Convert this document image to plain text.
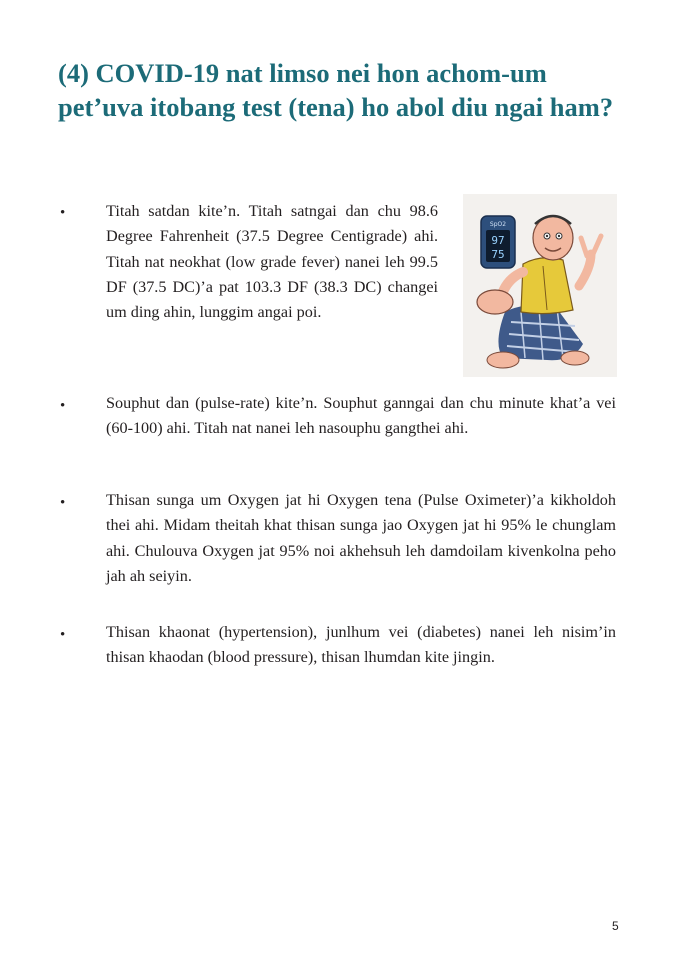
(4) COVID-19 nat limso nei hon achom-um pet’uva itobang test (tena) ho abol diu ngai ham?
•	Titah satdan kite’n. Titah satngai dan chu 98.6 Degree Fahrenheit (37.5 Degree Centigrade) ahi. Titah nat neokhat (low grade fever) nanei leh 99.5 DF (37.5 DC)’a pat 103.3 DF (38.3 DC) changei um ding ahin, lunggim angai poi.

SpO2
97
75
•	Souphut dan (pulse-rate) kite’n. Souphut ganngai dan chu minute khat’a vei (60-100) ahi. Titah nat nanei leh nasouphu gangthei ahi.

•	Thisan sunga um Oxygen jat hi Oxygen tena (Pulse Oximeter)’a kikholdoh thei ahi. Midam theitah khat thisan sunga jao Oxygen jat hi 95% le chunglam ahi. Chulouva Oxygen jat 95% noi akhehsuh leh damdoilam kivenkolna peho jah ah seiyin.

•	Thisan khaonat (hypertension), junlhum vei (diabetes) nanei leh nisim’in thisan khaodan (blood pressure), thisan lhumdan kite jingin.

5
